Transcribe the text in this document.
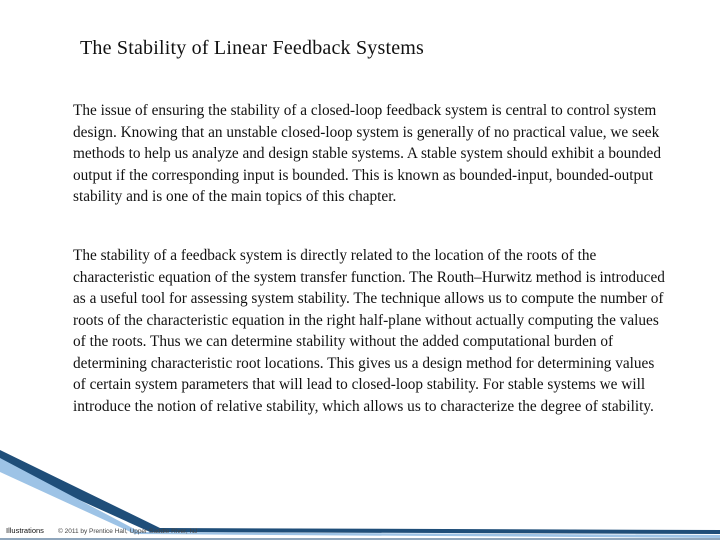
The Stability of Linear Feedback Systems

The issue of ensuring the stability of a closed-loop feedback system is central to control system design. Knowing that an unstable closed-loop system is generally of no practical value, we seek methods to help us analyze and design stable systems. A stable system should exhibit a bounded output if the corresponding input is bounded. This is known as bounded-input, bounded-output stability and is one of the main topics of this chapter.

The stability of a feedback system is directly related to the location of the roots of the characteristic equation of the system transfer function. The Routh–Hurwitz method is introduced as a useful tool for assessing system stability. The technique allows us to compute the number of roots of the characteristic equation in the right half-plane without actually computing the values of the roots. Thus we can determine stability without the added computational burden of determining characteristic root locations. This gives us a design method for determining values of certain system parameters that will lead to closed-loop stability. For stable systems we will introduce the notion of relative stability, which allows us to characterize the degree of stability.

Illustrations © 2011 by Prentice Hall, Upper Saddle River, NJ
